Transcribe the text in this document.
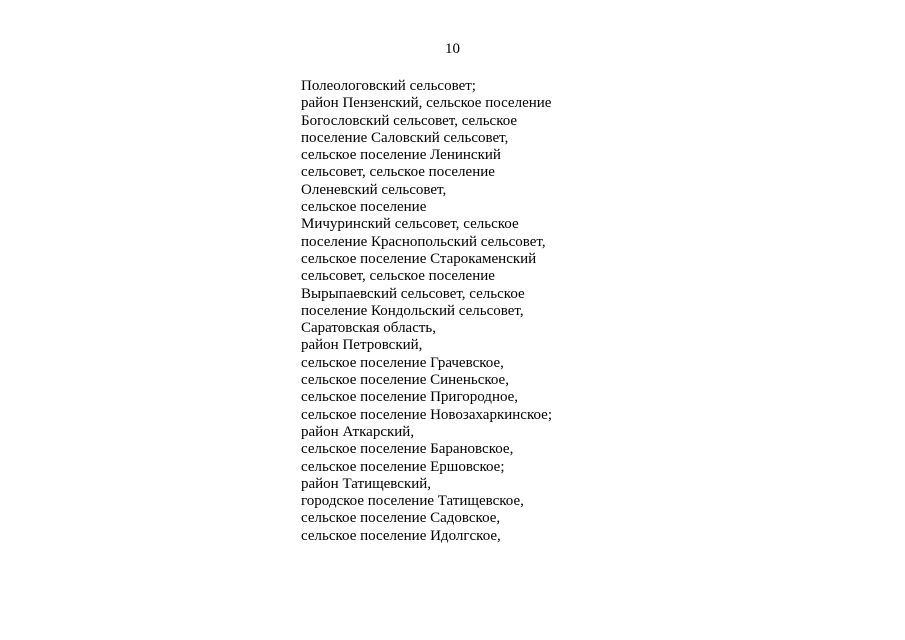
10
Полеологовский сельсовет;
район Пензенский, сельское поселение
Богословский сельсовет, сельское
поселение Саловский сельсовет,
сельское поселение Ленинский
сельсовет, сельское поселение
Оленевский сельсовет,
сельское поселение
Мичуринский сельсовет, сельское
поселение Краснопольский сельсовет,
сельское поселение Старокаменский
сельсовет, сельское поселение
Вырыпаевский сельсовет, сельское
поселение Кондольский сельсовет,
Саратовская область,
район Петровский,
сельское поселение Грачевское,
сельское поселение Синеньское,
сельское поселение Пригородное,
сельское поселение Новозахаркинское;
район Аткарский,
сельское поселение Барановское,
сельское поселение Ершовское;
район Татищевский,
городское поселение Татищевское,
сельское поселение Садовское,
сельское поселение Идолгское,
